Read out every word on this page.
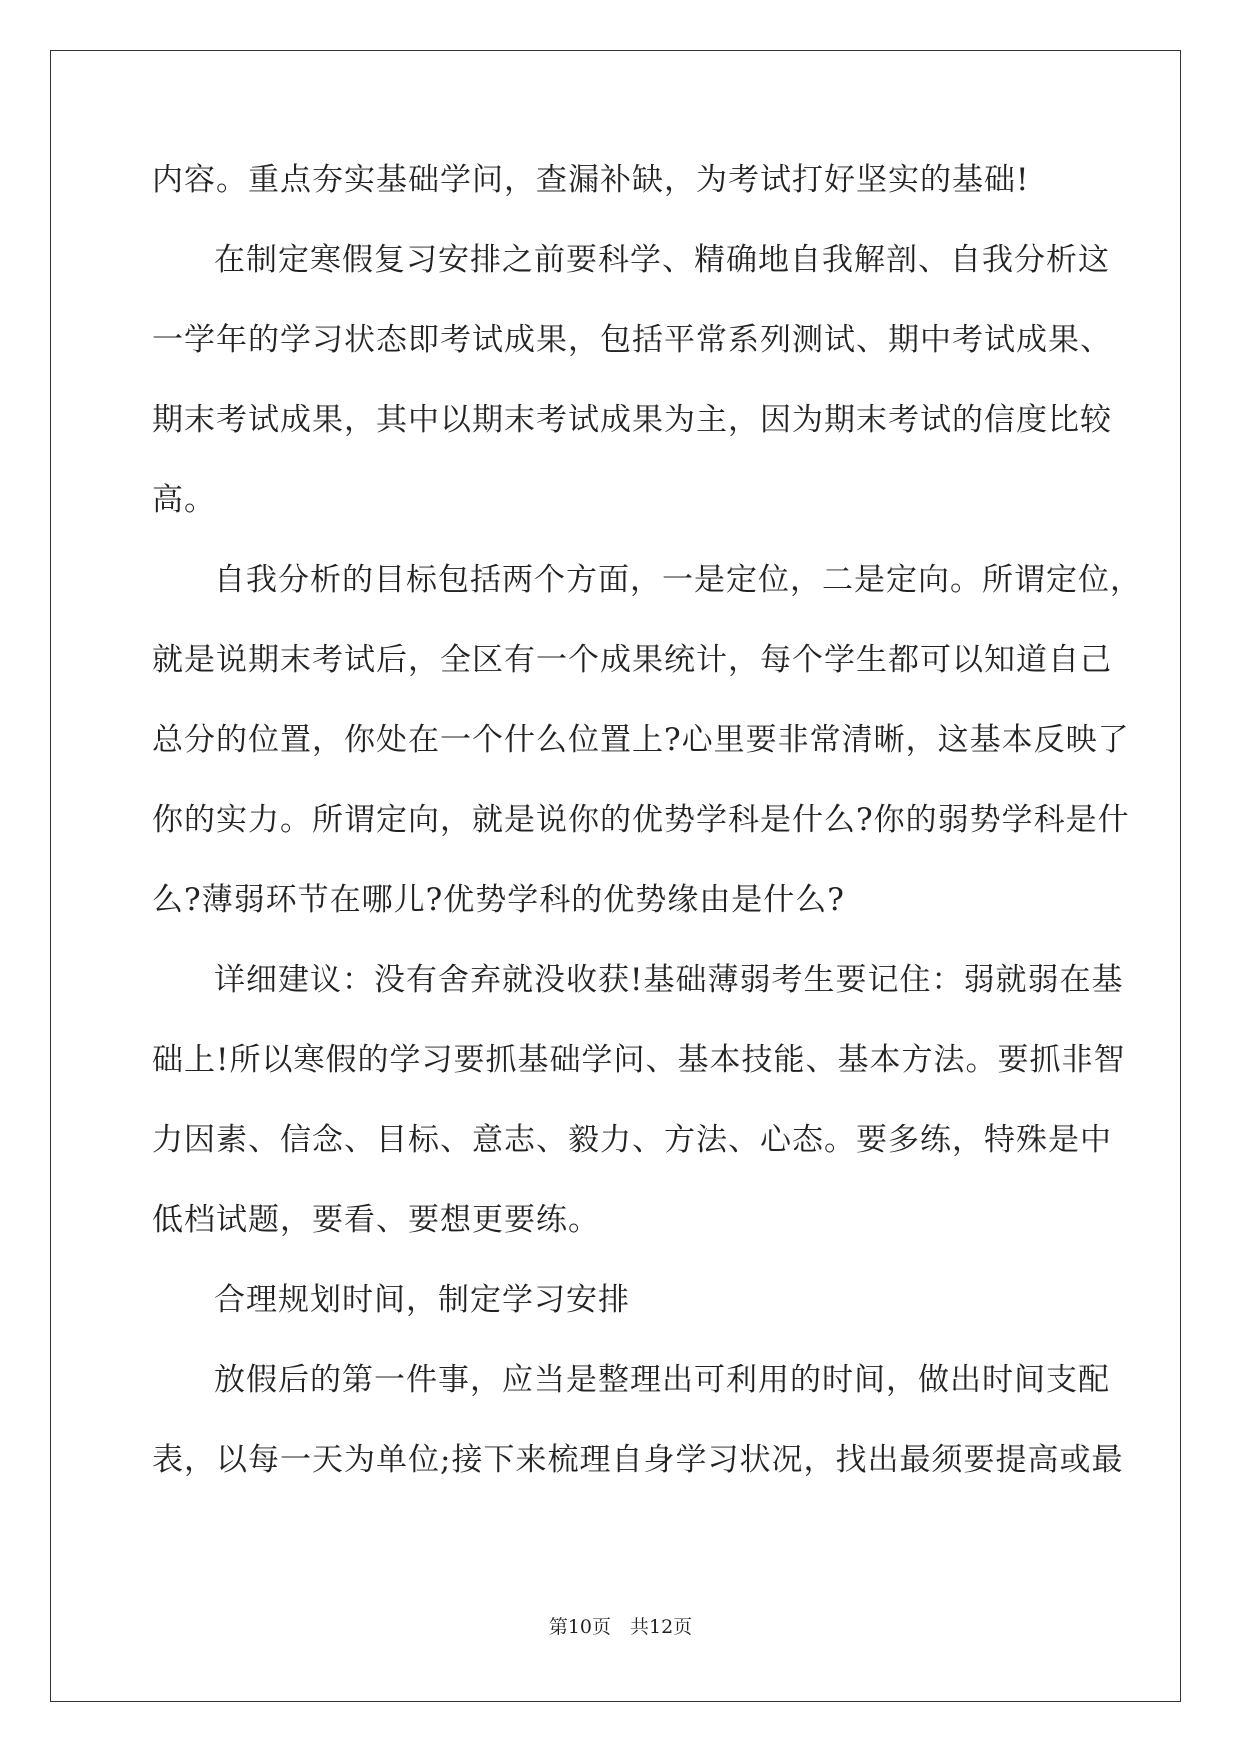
内容。重点夯实基础学问，查漏补缺，为考试打好坚实的基础!
在制定寒假复习安排之前要科学、精确地自我解剖、自我分析这
一学年的学习状态即考试成果，包括平常系列测试、期中考试成果、
期末考试成果，其中以期末考试成果为主，因为期末考试的信度比较
高。
自我分析的目标包括两个方面，一是定位，二是定向。所谓定位，
就是说期末考试后，全区有一个成果统计，每个学生都可以知道自己
总分的位置，你处在一个什么位置上?心里要非常清晰，这基本反映了
你的实力。所谓定向，就是说你的优势学科是什么?你的弱势学科是什
么?薄弱环节在哪儿?优势学科的优势缘由是什么?
详细建议：没有舍弃就没收获!基础薄弱考生要记住：弱就弱在基
础上!所以寒假的学习要抓基础学问、基本技能、基本方法。要抓非智
力因素、信念、目标、意志、毅力、方法、心态。要多练，特殊是中
低档试题，要看、要想更要练。
合理规划时间，制定学习安排
放假后的第一件事，应当是整理出可利用的时间，做出时间支配
表，以每一天为单位;接下来梳理自身学习状况，找出最须要提高或最
第10页　共12页
